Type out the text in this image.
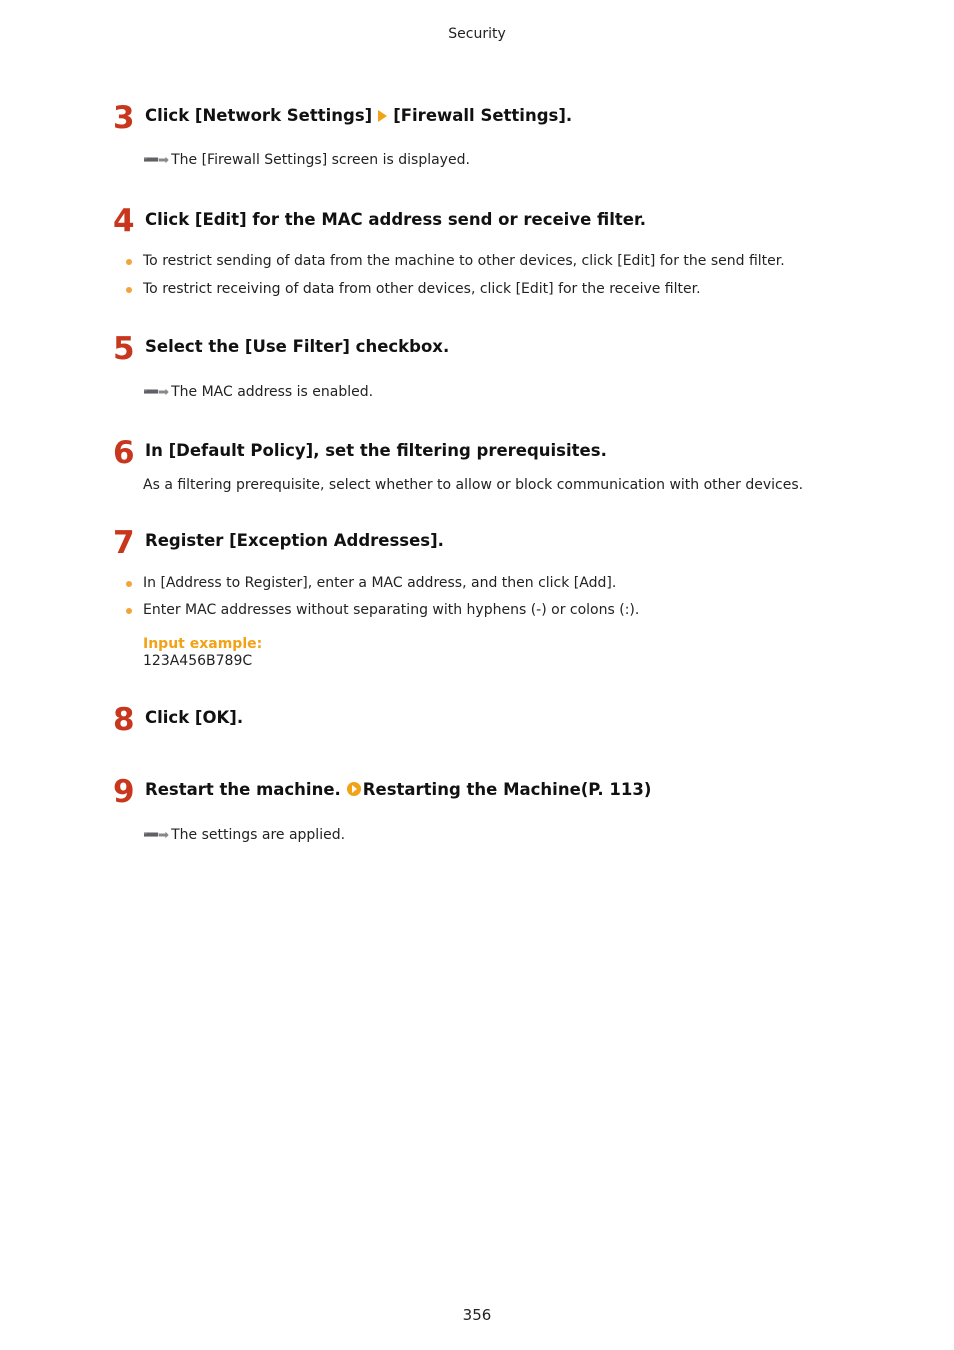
Security
3 Click [Network Settings] [Firewall Settings].
➖➡ The [Firewall Settings] screen is displayed.
4 Click [Edit] for the MAC address send or receive filter.
To restrict sending of data from the machine to other devices, click [Edit] for the send filter.
To restrict receiving of data from other devices, click [Edit] for the receive filter.
5 Select the [Use Filter] checkbox.
➖➡ The MAC address is enabled.
6 In [Default Policy], set the filtering prerequisites.
As a filtering prerequisite, select whether to allow or block communication with other devices.
7 Register [Exception Addresses].
In [Address to Register], enter a MAC address, and then click [Add].
Enter MAC addresses without separating with hyphens (-) or colons (:).
Input example:
123A456B789C
8 Click [OK].
9 Restart the machine. Restarting the Machine(P. 113)
➖➡ The settings are applied.
356
